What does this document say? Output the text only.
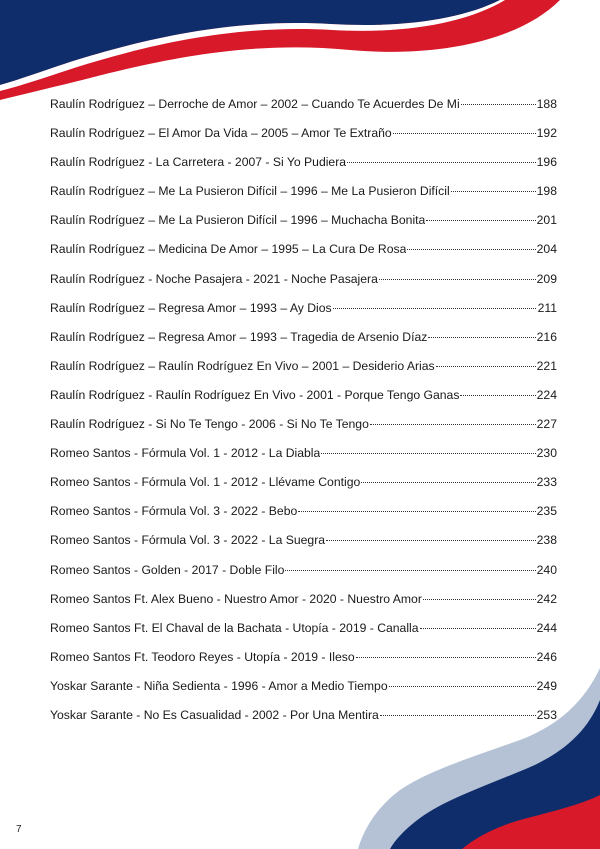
Raulín Rodríguez – Derroche de Amor – 2002 – Cuando Te Acuerdes De Mi	188
Raulín Rodríguez – El Amor Da Vida – 2005 – Amor Te Extraño	192
Raulín Rodríguez - La Carretera - 2007 - Si Yo Pudiera	196
Raulín Rodríguez – Me La Pusieron Difícil – 1996 – Me La Pusieron Difícil	198
Raulín Rodríguez – Me La Pusieron Difícil – 1996 – Muchacha Bonita	201
Raulín Rodríguez – Medicina De Amor – 1995 – La Cura De Rosa	204
Raulín Rodríguez - Noche Pasajera - 2021 - Noche Pasajera	209
Raulín Rodríguez – Regresa Amor – 1993 – Ay Dios	211
Raulín Rodríguez – Regresa Amor – 1993 – Tragedia de Arsenio Díaz	216
Raulín Rodríguez – Raulín Rodríguez En Vivo – 2001 – Desiderio Arias	221
Raulín Rodríguez - Raulín Rodríguez En Vivo - 2001 - Porque Tengo Ganas	224
Raulín Rodríguez - Si No Te Tengo - 2006 - Si No Te Tengo	227
Romeo Santos - Fórmula Vol. 1 - 2012 - La Diabla	230
Romeo Santos - Fórmula Vol. 1 - 2012 - Llévame Contigo	233
Romeo Santos - Fórmula Vol. 3 - 2022 - Bebo	235
Romeo Santos - Fórmula Vol. 3 - 2022 - La Suegra	238
Romeo Santos - Golden - 2017 - Doble Filo	240
Romeo Santos Ft. Alex Bueno - Nuestro Amor - 2020 - Nuestro Amor	242
Romeo Santos Ft. El Chaval de la Bachata - Utopía - 2019 - Canalla	244
Romeo Santos Ft. Teodoro Reyes - Utopía - 2019 - Ileso	246
Yoskar Sarante - Niña Sedienta - 1996 - Amor a Medio Tiempo	249
Yoskar Sarante - No Es Casualidad - 2002 - Por Una Mentira	253
7
